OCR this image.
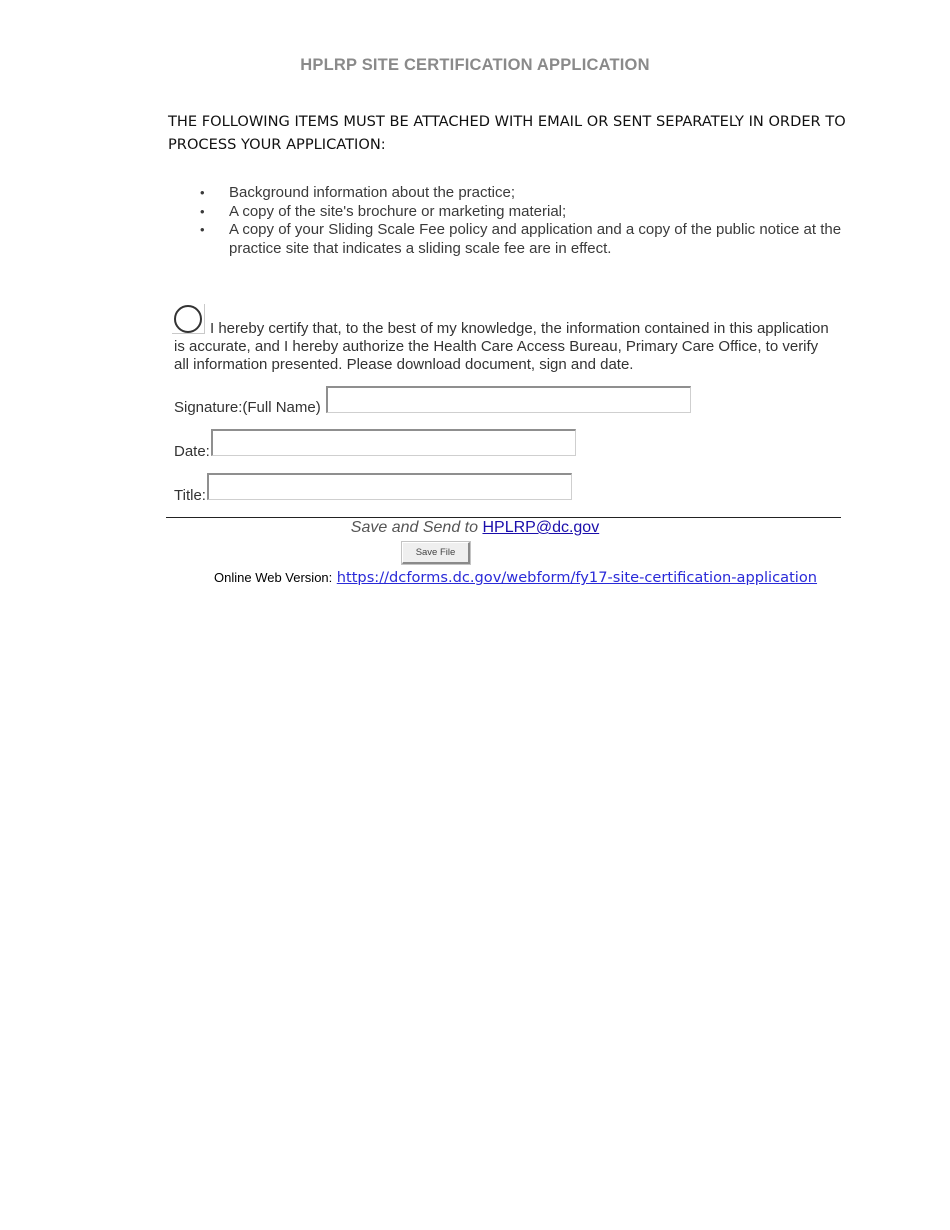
HPLRP SITE CERTIFICATION APPLICATION
THE FOLLOWING ITEMS MUST BE ATTACHED WITH EMAIL OR SENT SEPARATELY IN ORDER TO PROCESS YOUR APPLICATION:
• Background information about the practice;
• A copy of the site's brochure or marketing material;
• A copy of your Sliding Scale Fee policy and application and a copy of the public notice at the practice site that indicates a sliding scale fee are in effect.
I hereby certify that, to the best of my knowledge, the information contained in this application is accurate, and I hereby authorize the Health Care Access Bureau, Primary Care Office, to verify all information presented. Please download document, sign and date.
Signature:(Full Name)
Date:
Title:
Save and Send to HPLRP@dc.gov
Save File
Online Web Version: https://dcforms.dc.gov/webform/fy17-site-certification-application
